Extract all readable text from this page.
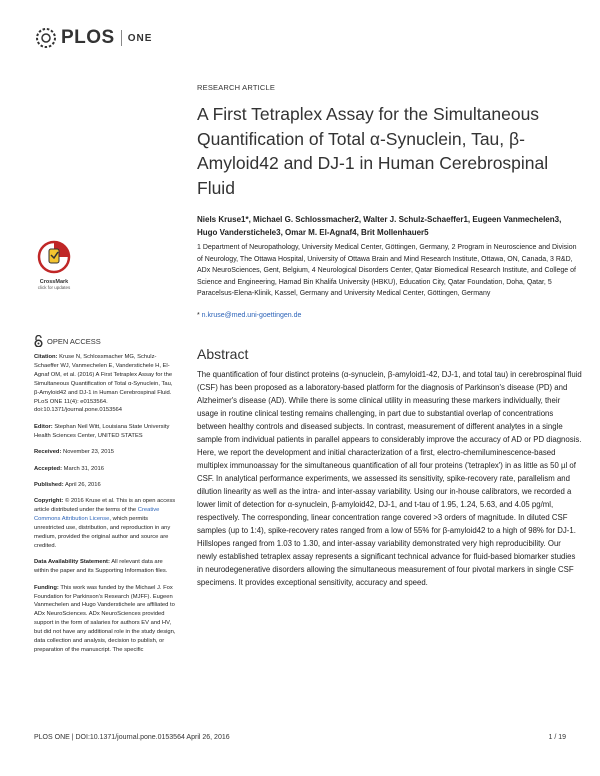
PLOS ONE
RESEARCH ARTICLE
A First Tetraplex Assay for the Simultaneous Quantification of Total α-Synuclein, Tau, β-Amyloid42 and DJ-1 in Human Cerebrospinal Fluid
Niels Kruse1*, Michael G. Schlossmacher2, Walter J. Schulz-Schaeffer1, Eugeen Vanmechelen3, Hugo Vanderstichele3, Omar M. El-Agnaf4, Brit Mollenhauer5
1 Department of Neuropathology, University Medical Center, Göttingen, Germany, 2 Program in Neuroscience and Division of Neurology, The Ottawa Hospital, University of Ottawa Brain and Mind Research Institute, Ottawa, ON, Canada, 3 R&D, ADx NeuroSciences, Gent, Belgium, 4 Neurological Disorders Center, Qatar Biomedical Research Institute, and College of Science and Engineering, Hamad Bin Khalifa University (HBKU), Education City, Qatar Foundation, Doha, Qatar, 5 Paracelsus-Elena-Klinik, Kassel, Germany and University Medical Center, Göttingen, Germany
* n.kruse@med.uni-goettingen.de
CrossMark
click for updates
OPEN ACCESS

Citation: Kruse N, Schlossmacher MG, Schulz-Schaeffer WJ, Vanmechelen E, Vanderstichele H, El-Agnaf OM, et al. (2016) A First Tetraplex Assay for the Simultaneous Quantification of Total α-Synuclein, Tau, β-Amyloid42 and DJ-1 in Human Cerebrospinal Fluid. PLoS ONE 11(4): e0153564. doi:10.1371/journal.pone.0153564

Editor: Stephan Neil Witt, Louisiana State University Health Sciences Center, UNITED STATES

Received: November 23, 2015

Accepted: March 31, 2016

Published: April 26, 2016

Copyright: © 2016 Kruse et al. This is an open access article distributed under the terms of the Creative Commons Attribution License, which permits unrestricted use, distribution, and reproduction in any medium, provided the original author and source are credited.

Data Availability Statement: All relevant data are within the paper and its Supporting Information files.

Funding: This work was funded by the Michael J. Fox Foundation for Parkinson's Research (MJFF). Eugeen Vanmechelen and Hugo Vanderstichele are affiliated to ADx NeuroSciences. ADx NeuroSciences provided support in the form of salaries for authors EV and HV, but did not have any additional role in the study design, data collection and analysis, decision to publish, or preparation of the manuscript. The specific

Abstract
The quantification of four distinct proteins (α-synuclein, β-amyloid1-42, DJ-1, and total tau) in cerebrospinal fluid (CSF) has been proposed as a laboratory-based platform for the diagnosis of Parkinson's disease (PD) and Alzheimer's disease (AD). While there is some clinical utility in measuring these markers individually, their usage in routine clinical testing remains challenging, in part due to substantial overlap of concentrations between healthy controls and diseased subjects. In contrast, measurement of different analytes in a single sample from individual patients in parallel appears to considerably improve the accuracy of AD or PD diagnosis. Here, we report the development and initial characterization of a first, electro-chemiluminescence-based multiplex immunoassay for the simultaneous quantification of all four proteins ('tetraplex') in as little as 50 µl of CSF. In analytical performance experiments, we assessed its sensitivity, spike-recovery rate, parallelism and dilution linearity as well as the intra- and inter-assay variability. Using our in-house calibrators, we recorded a lower limit of detection for α-synuclein, β-amyloid42, DJ-1, and t-tau of 1.95, 1.24, 5.63, and 4.05 pg/ml, respectively. The corresponding, linear concentration range covered >3 orders of magnitude. In diluted CSF samples (up to 1:4), spike-recovery rates ranged from a low of 55% for β-amyloid42 to a high of 98% for DJ-1. Hillslopes ranged from 1.03 to 1.30, and inter-assay variability demonstrated very high reproducibility. Our newly established tetraplex assay represents a significant technical advance for fluid-based biomarker studies in neurodegenerative disorders allowing the simultaneous measurement of four pivotal markers in single CSF specimens. It provides exceptional sensitivity, accuracy and speed.
PLOS ONE | DOI:10.1371/journal.pone.0153564 April 26, 2016	1 / 19
